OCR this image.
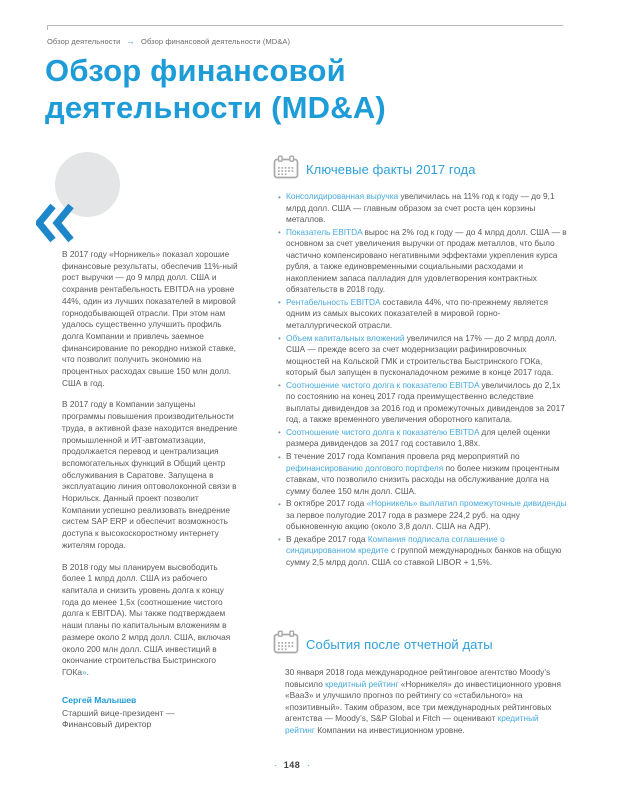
Обзор деятельности → Обзор финансовой деятельности (MD&A)
Обзор финансовой деятельности (MD&A)

В 2017 году «Норникель» показал хорошие финансовые результаты, обеспечив 11%-ный рост выручки — до 9 млрд долл. США и сохранив рентабельность EBITDA на уровне 44%, один из лучших показателей в мировой горнодобывающей отрасли. При этом нам удалось существенно улучшить профиль долга Компании и привлечь заемное финансирование по рекордно низкой ставке, что позволит получить экономию на процентных расходах свыше 150 млн долл. США в год.

В 2017 году в Компании запущены программы повышения производительности труда, в активной фазе находится внедрение промышленной и ИТ-автоматизации, продолжается перевод и централизация вспомогательных функций в Общий центр обслуживания в Саратове. Запущена в эксплуатацию линия оптоволоконной связи в Норильск. Данный проект позволит Компании успешно реализовать внедрение систем SAP ERP и обеспечит возможность доступа к высокоскоростному интернету жителям города.

В 2018 году мы планируем высвободить более 1 млрд долл. США из рабочего капитала и снизить уровень долга к концу года до менее 1,5x (соотношение чистого долга к EBITDA). Мы также подтверждаем наши планы по капитальным вложениям в размере около 2 млрд долл. США, включая около 200 млн долл. США инвестиций в окончание строительства Быстринского ГОКа».

Сергей Малышев
Старший вице-президент — Финансовый директор
Ключевые факты 2017 года
• Консолидированная выручка увеличилась на 11% год к году — до 9,1 млрд долл. США — главным образом за счет роста цен корзины металлов.
• Показатель EBITDA вырос на 2% год к году — до 4 млрд долл. США — в основном за счет увеличения выручки от продаж металлов, что было частично компенсировано негативными эффектами укрепления курса рубля, а также единовременными социальными расходами и накоплением запаса палладия для удовлетворения контрактных обязательств в 2018 году.
• Рентабельность EBITDA составила 44%, что по-прежнему является одним из самых высоких показателей в мировой горно-металлургической отрасли.
• Объем капитальных вложений увеличился на 17% — до 2 млрд долл. США — прежде всего за счет модернизации рафинировочных мощностей на Кольской ГМК и строительства Быстринского ГОКа, который был запущен в пусконаладочном режиме в конце 2017 года.
• Соотношение чистого долга к показателю EBITDA увеличилось до 2,1x по состоянию на конец 2017 года преимущественно вследствие выплаты дивидендов за 2016 год и промежуточных дивидендов за 2017 год, а также временного увеличения оборотного капитала.
• Соотношение чистого долга к показателю EBITDA для целей оценки размера дивидендов за 2017 год составило 1,88x.
• В течение 2017 года Компания провела ряд мероприятий по рефинансированию долгового портфеля по более низким процентным ставкам, что позволило снизить расходы на обслуживание долга на сумму более 150 млн долл. США.
• В октябре 2017 года «Норникель» выплатил промежуточные дивиденды за первое полугодие 2017 года в размере 224,2 руб. на одну обыкновенную акцию (около 3,8 долл. США на АДР).
• В декабре 2017 года Компания подписала соглашение о синдицированном кредите с группой международных банков на общую сумму 2,5 млрд долл. США со ставкой LIBOR + 1,5%.
События после отчетной даты

30 января 2018 года международное рейтинговое агентство Moody’s повысило кредитный рейтинг «Норникеля» до инвестиционного уровня «Baa3» и улучшило прогноз по рейтингу со «стабильного» на «позитивный». Таким образом, все три международных рейтинговых агентства — Moody’s, S&P Global и Fitch — оценивают кредитный рейтинг Компании на инвестиционном уровне.

· 148 ·
